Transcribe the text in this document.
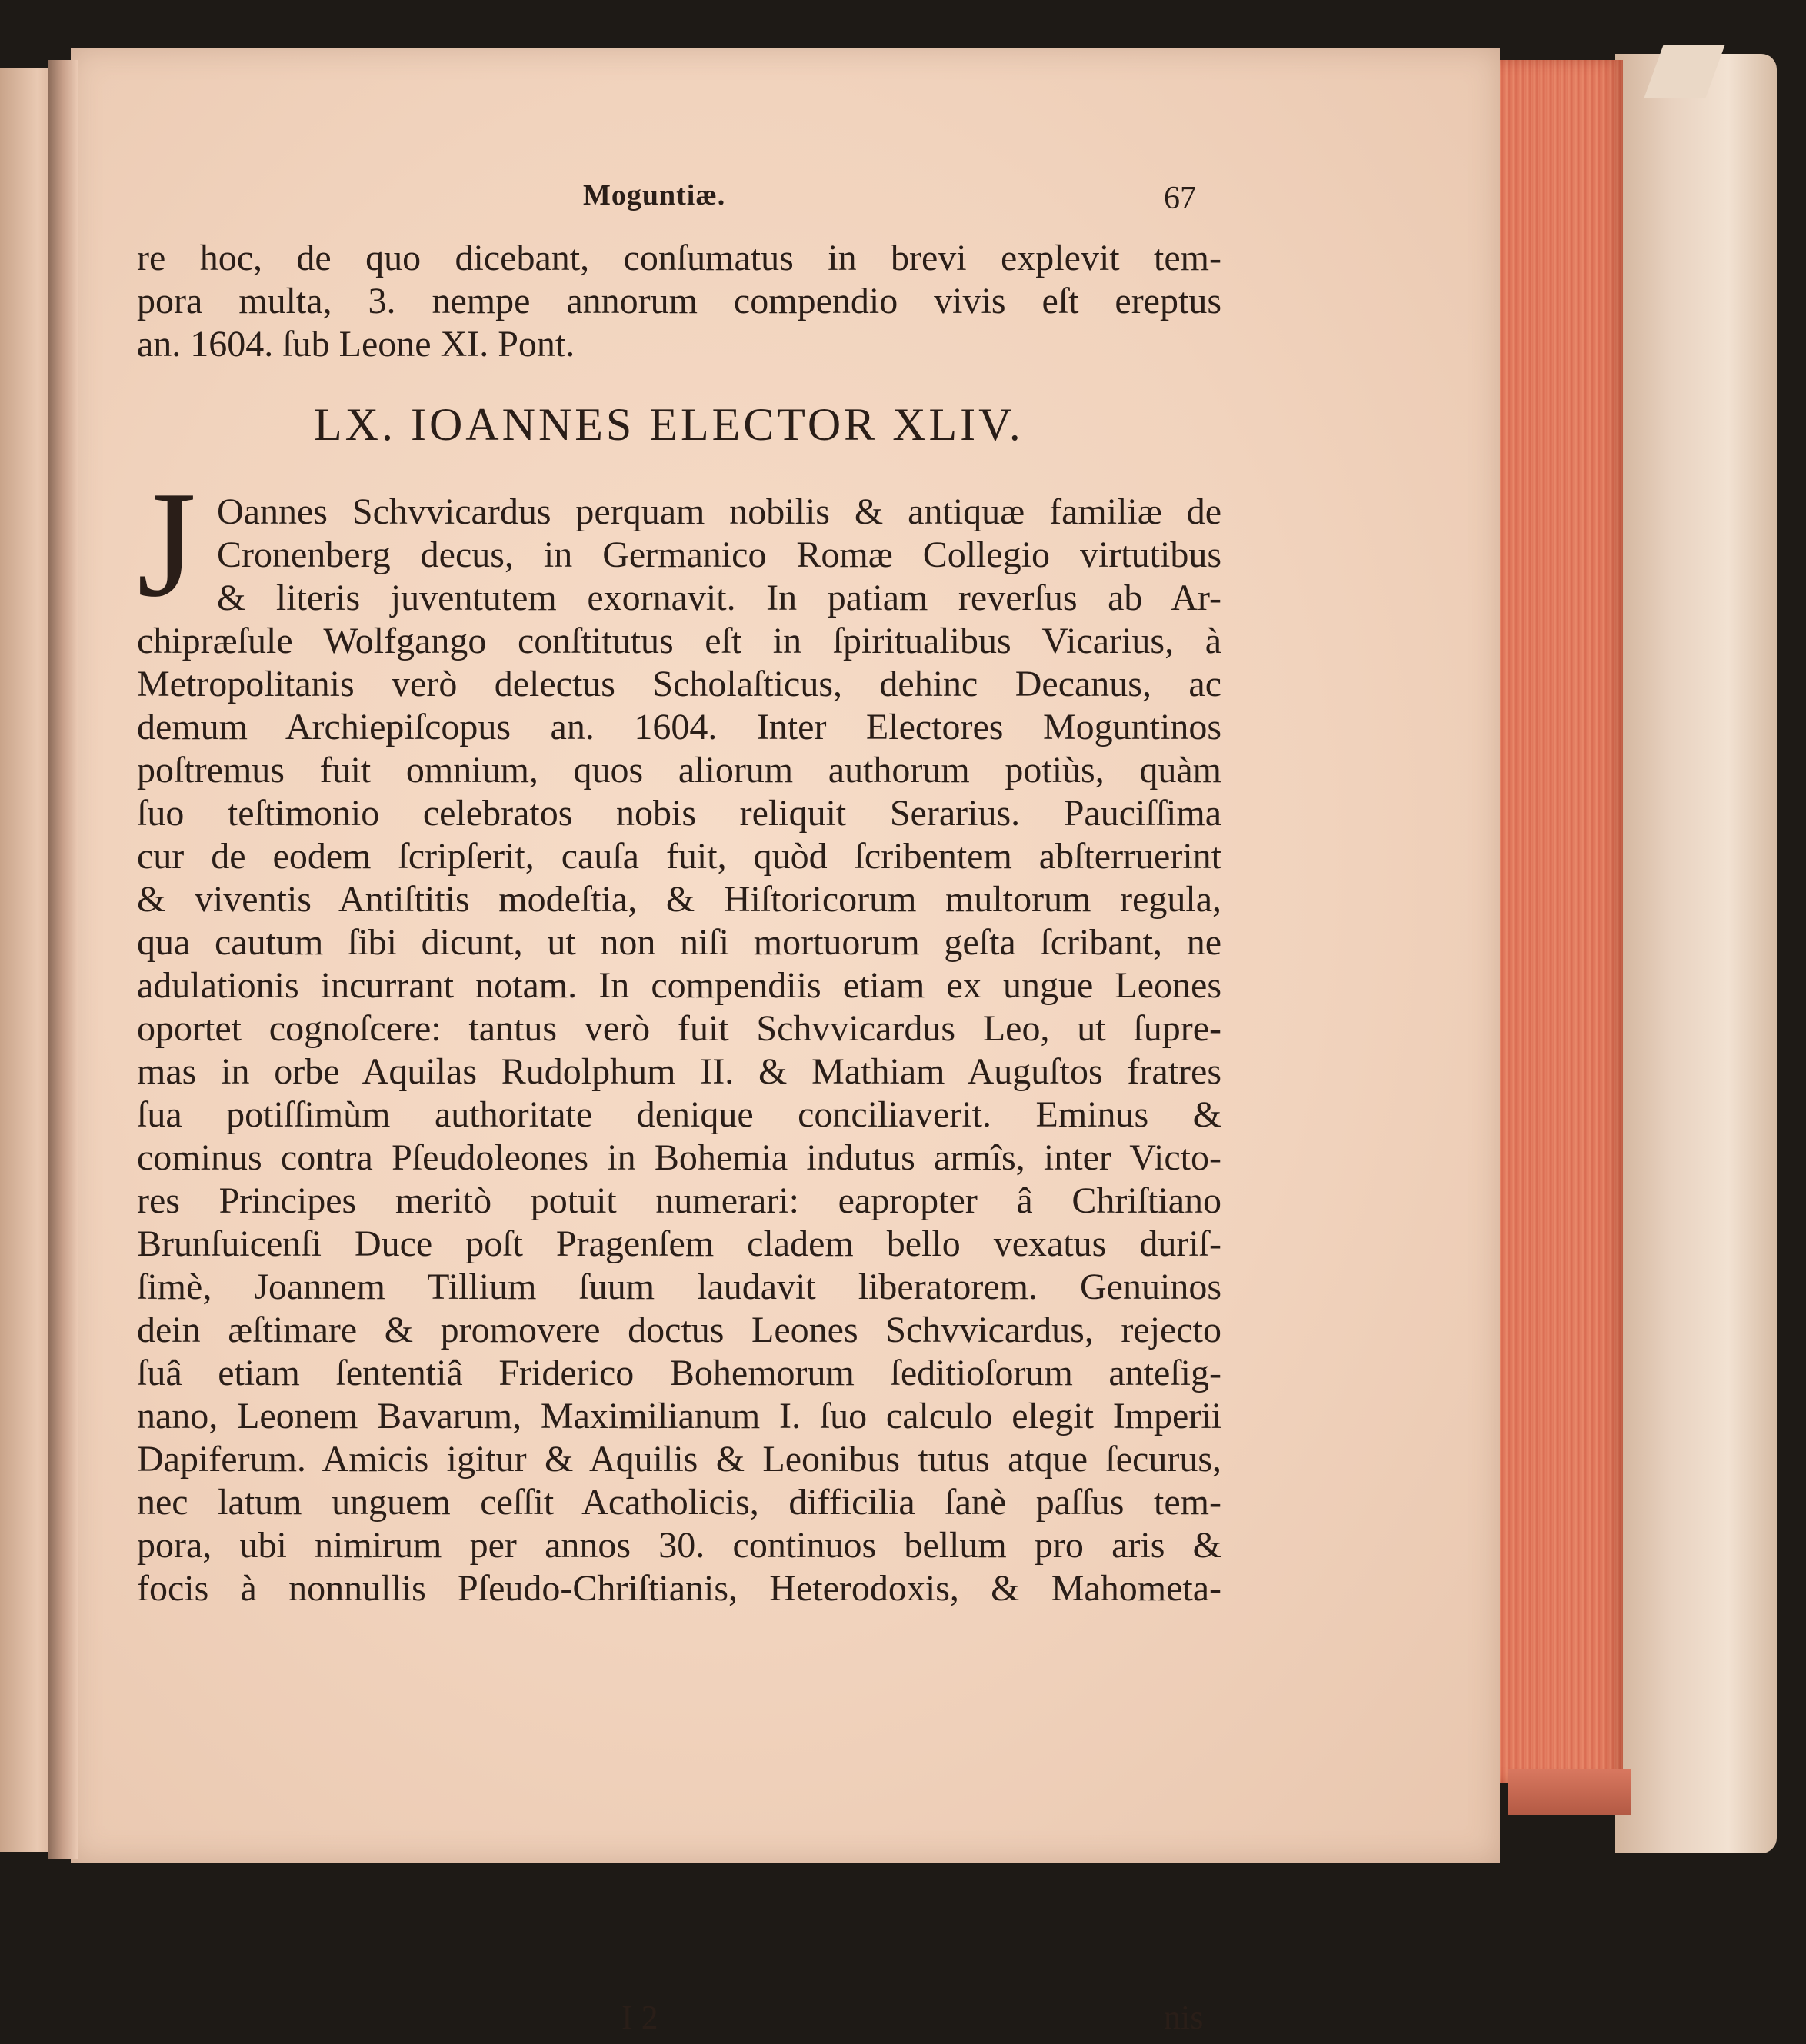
Moguntiæ.	67
re hoc, de quo dicebant, conſumatus in brevi explevit tem-
pora multa, 3. nempe annorum compendio vivis eſt ereptus
an. 1604. ſub Leone XI. Pont.
LX. IOANNES ELECTOR XLIV.
J Oannes Schvvicardus perquam nobilis & antiquæ familiæ de
Cronenberg decus, in Germanico Romæ Collegio virtutibus
& literis juventutem exornavit. In patiam reverſus ab Ar-
chipræſule Wolfgango conſtitutus eſt in ſpiritualibus Vicarius, à
Metropolitanis verò delectus Scholaſticus, dehinc Decanus, ac
demum Archiepiſcopus an. 1604. Inter Electores Moguntinos
poſtremus fuit omnium, quos aliorum authorum potiùs, quàm
ſuo teſtimonio celebratos nobis reliquit Serarius. Pauciſſima
cur de eodem ſcripſerit, cauſa fuit, quòd ſcribentem abſterruerint
& viventis Antiſtitis modeſtia, & Hiſtoricorum multorum regula,
qua cautum ſibi dicunt, ut non niſi mortuorum geſta ſcribant, ne
adulationis incurrant notam. In compendiis etiam ex ungue Leones
oportet cognoſcere: tantus verò fuit Schvvicardus Leo, ut ſupre-
mas in orbe Aquilas Rudolphum II. & Mathiam Auguſtos fratres
ſua potiſſimùm authoritate denique conciliaverit. Eminus &
cominus contra Pſeudoleones in Bohemia indutus armîs, inter Victo-
res Principes meritò potuit numerari: eapropter â Chriſtiano
Brunſuicenſi Duce poſt Pragenſem cladem bello vexatus duriſ-
ſimè, Joannem Tillium ſuum laudavit liberatorem. Genuinos
dein æſtimare & promovere doctus Leones Schvvicardus, rejecto
ſuâ etiam ſententiâ Friderico Bohemorum ſeditioſorum anteſig-
nano, Leonem Bavarum, Maximilianum I. ſuo calculo elegit Imperii
Dapiferum. Amicis igitur & Aquilis & Leonibus tutus atque ſecurus,
nec latum unguem ceſſit Acatholicis, difficilia ſanè paſſus tem-
pora, ubi nimirum per annos 30. continuos bellum pro aris &
focis à nonnullis Pſeudo-Chriſtianis, Heterodoxis, & Mahometa-
I 2	nis
